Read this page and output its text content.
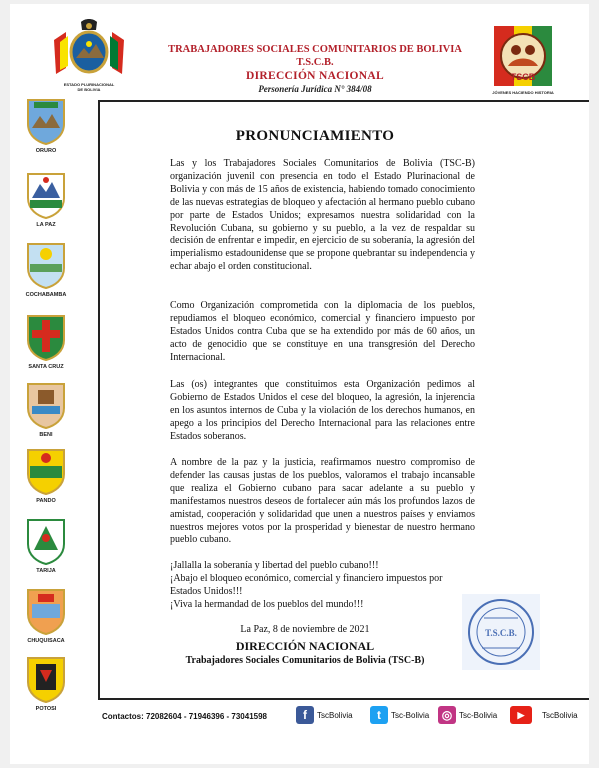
ESTADO PLURINACIONAL
DE BOLIVIA
TRABAJADORES SOCIALES COMUNITARIOS DE BOLIVIA
T.S.C.B.
DIRECCIÓN NACIONAL
Personería Jurídica N° 384/08
TSCB
JÓVENES HACIENDO HISTORIA
ORURO
LA PAZ
COCHABAMBA
SANTA CRUZ
BENI
PANDO
TARIJA
CHUQUISACA
POTOSI
PRONUNCIAMIENTO

Las y los Trabajadores Sociales Comunitarios de Bolivia (TSC-B) organización juvenil con presencia en todo el Estado Plurinacional de Bolivia y con más de 15 años de existencia, habiendo tomado conocimiento de las nuevas estrategias de bloqueo y afectación al hermano pueblo cubano por parte de Estados Unidos; expresamos nuestra solidaridad con la Revolución Cubana, su gobierno y su pueblo, a la vez de respaldar su decisión de enfrentar e impedir, en ejercicio de su soberanía, la agresión del imperialismo estadounidense que se propone quebrantar su independencia y echar abajo el orden constitucional.

Como Organización comprometida con la diplomacia de los pueblos, repudiamos el bloqueo económico, comercial y financiero impuesto por Estados Unidos contra Cuba que se ha extendido por más de 60 años, un acto de genocidio que se constituye en una transgresión del Derecho Internacional.

Las (os) integrantes que constituimos esta Organización pedimos al Gobierno de Estados Unidos el cese del bloqueo, la agresión, la injerencia en los asuntos internos de Cuba y la violación de los derechos humanos, en apego a los principios del Derecho Internacional para las relaciones entre Estados soberanos.

A nombre de la paz y la justicia, reafirmamos nuestro compromiso de defender las causas justas de los pueblos, valoramos el trabajo incansable que realiza el Gobierno cubano para sacar adelante a su pueblo y manifestamos nuestros deseos de fortalecer aún más los profundos lazos de amistad, cooperación y solidaridad que unen a nuestros países y enviamos nuestros mejores votos por la prosperidad y bienestar de nuestro hermano pueblo cubano.

¡Jallalla la soberanía y libertad del pueblo cubano!!!
¡Abajo el bloqueo económico, comercial y financiero impuestos por Estados Unidos!!!
¡Viva la hermandad de los pueblos del mundo!!!
La Paz, 8 de noviembre de 2021
DIRECCIÓN NACIONAL
Trabajadores Sociales Comunitarios de Bolivia (TSC-B)
T.S.C.B.
Contactos: 72082604 - 71946396 - 73041598	f	TscBolivia	t	Tsc-Bolivia	◎ Tsc-Bolivia	▶	TscBolivia
